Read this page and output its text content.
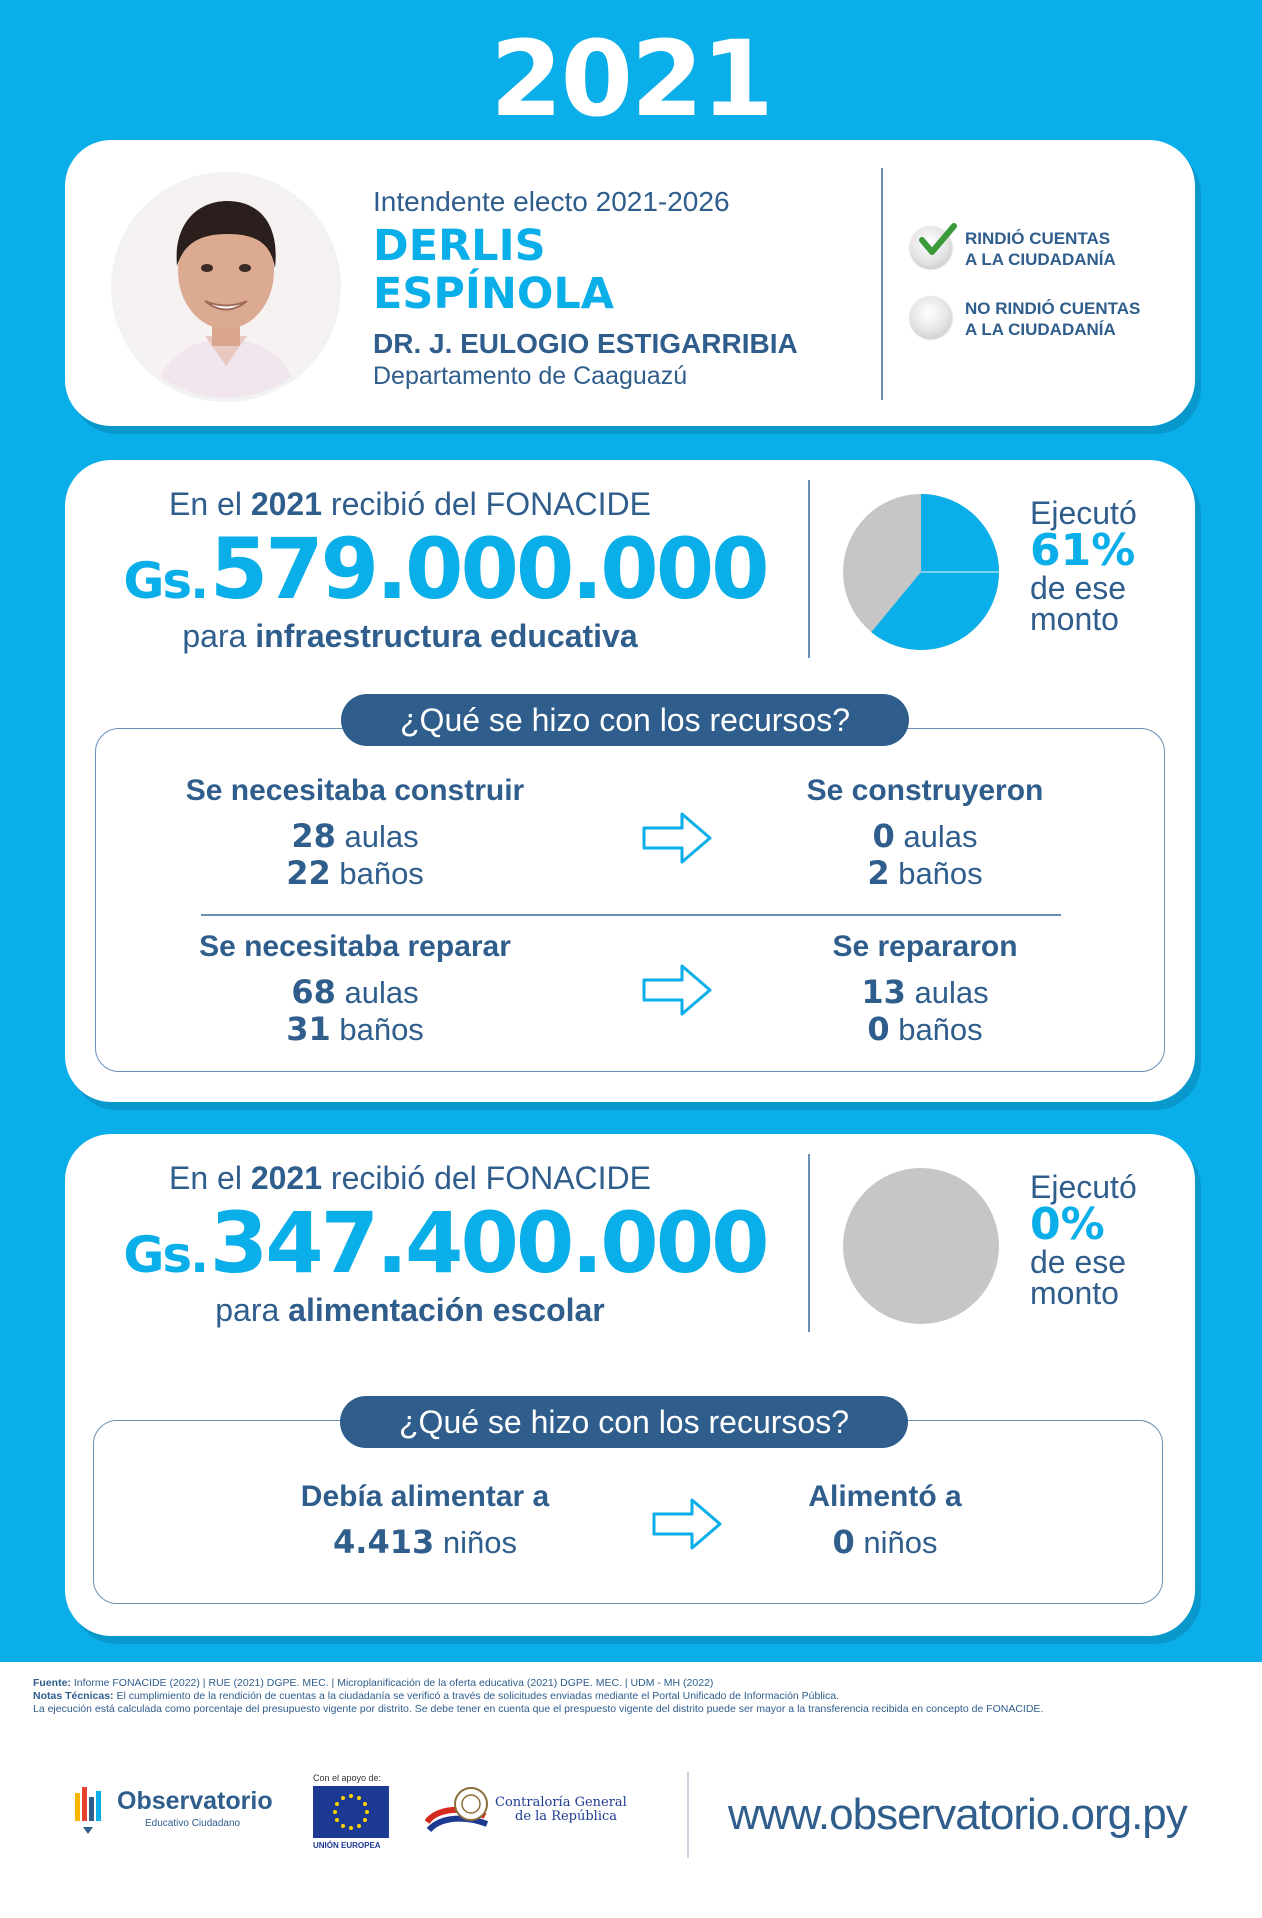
2021
Intendente electo 2021-2026
DERLIS
ESPÍNOLA
DR. J. EULOGIO ESTIGARRIBIA
Departamento de Caaguazú
RINDIÓ CUENTAS
A LA CIUDADANÍA
NO RINDIÓ CUENTAS
A LA CIUDADANÍA
En el 2021 recibió del FONACIDE
Gs. 579.000.000
para infraestructura educativa
Ejecutó
61%
de ese
monto
¿Qué se hizo con los recursos?
Se necesitaba construir
28 aulas
22 baños
Se construyeron
0 aulas
2 baños
Se necesitaba reparar
68 aulas
31 baños
Se repararon
13 aulas
0 baños
En el 2021 recibió del FONACIDE
Gs. 347.400.000
para alimentación escolar
Ejecutó
0%
de ese
monto
¿Qué se hizo con los recursos?
Debía alimentar a
4.413 niños
Alimentó a
0 niños
Fuente: Informe FONACIDE (2022) | RUE (2021) DGPE. MEC. | Microplanificación de la oferta educativa (2021) DGPE. MEC. | UDM - MH (2022)
Notas Técnicas: El cumplimiento de la rendición de cuentas a la ciudadanía se verificó a través de solicitudes enviadas mediante el Portal Unificado de Información Pública.
La ejecución está calculada como porcentaje del presupuesto vigente por distrito. Se debe tener en cuenta que el prespuesto vigente del distrito puede ser mayor a la transferencia recibida en concepto de FONACIDE.
Observatorio
Educativo Ciudadano
Con el apoyo de:
UNIÓN EUROPEA
Contraloría General
de la República	www.observatorio.org.py
